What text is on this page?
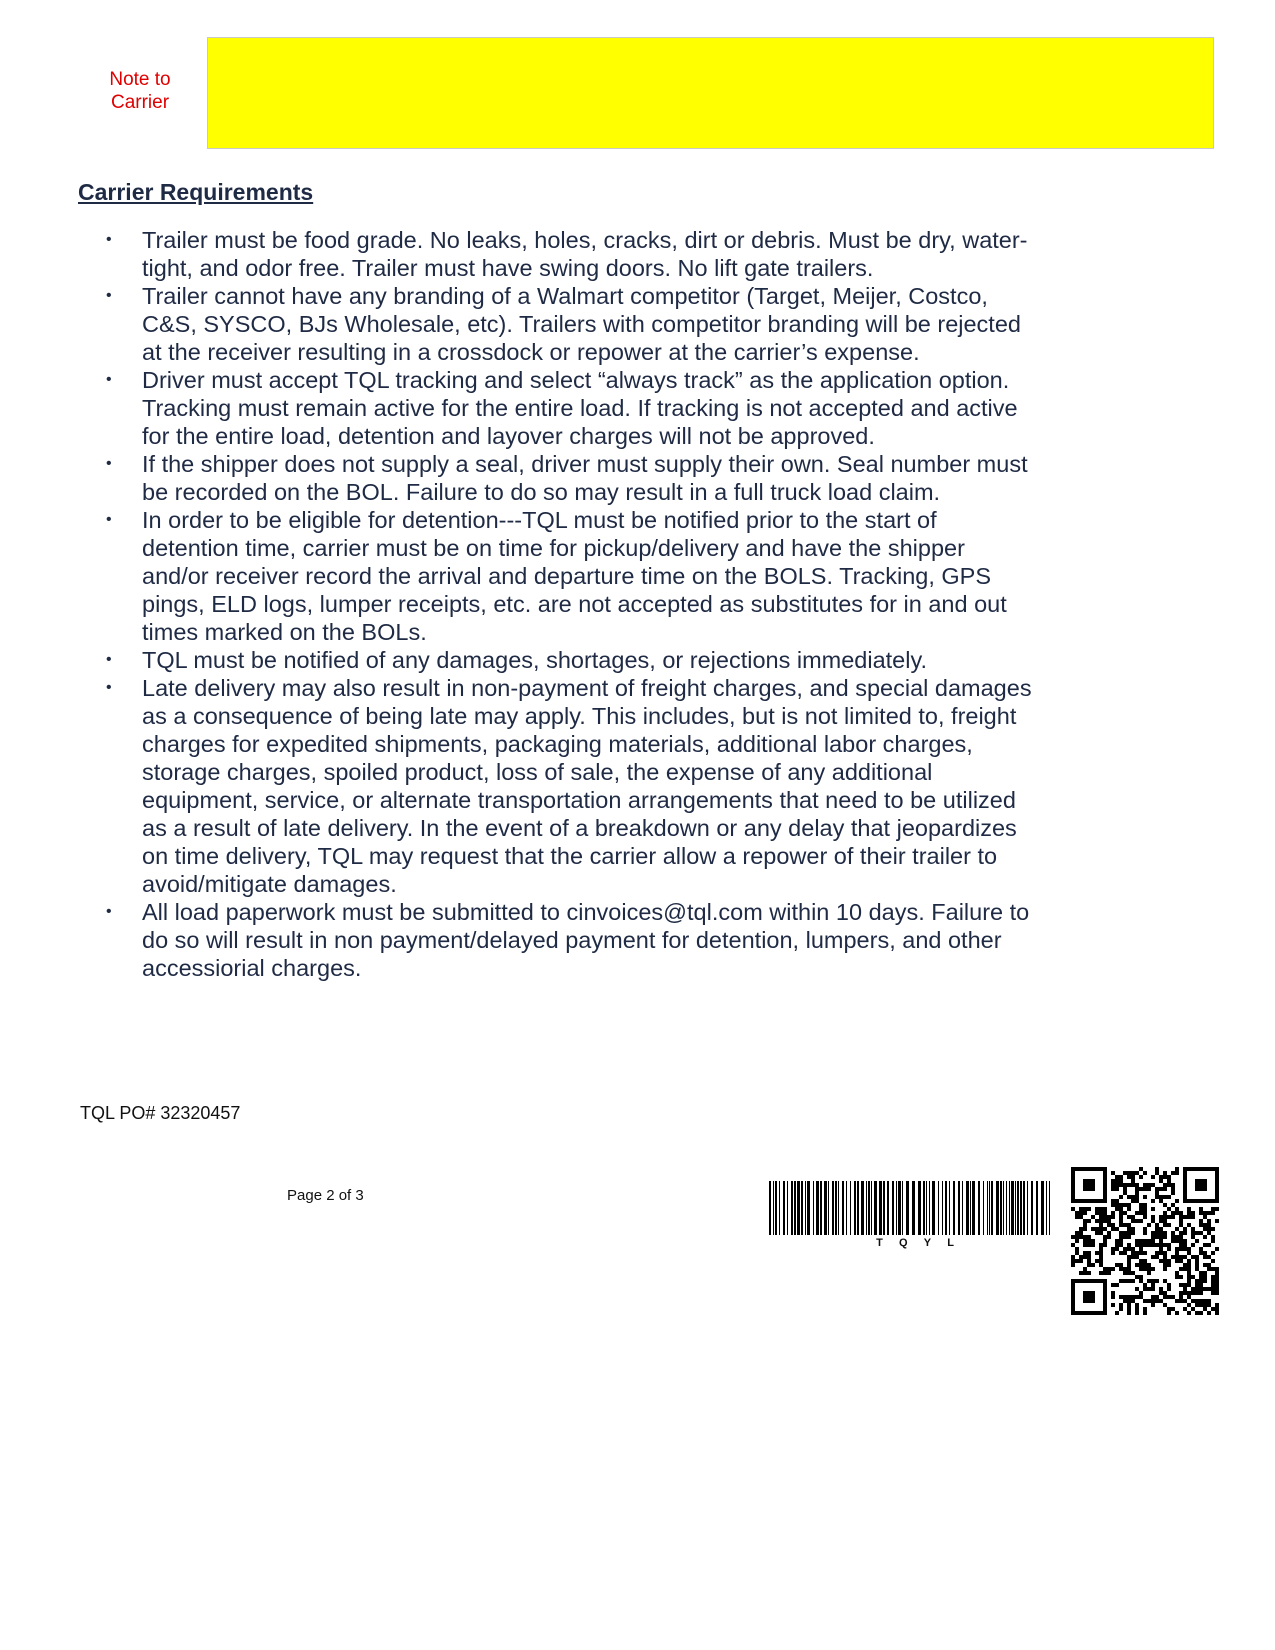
Note to
Carrier
Carrier Requirements
• Trailer must be food grade. No leaks, holes, cracks, dirt or debris. Must be dry, water-
tight, and odor free. Trailer must have swing doors. No lift gate trailers.
• Trailer cannot have any branding of a Walmart competitor (Target, Meijer, Costco,
C&S, SYSCO, BJs Wholesale, etc). Trailers with competitor branding will be rejected
at the receiver resulting in a crossdock or repower at the carrier’s expense.
• Driver must accept TQL tracking and select “always track” as the application option.
Tracking must remain active for the entire load. If tracking is not accepted and active
for the entire load, detention and layover charges will not be approved.
• If the shipper does not supply a seal, driver must supply their own. Seal number must
be recorded on the BOL. Failure to do so may result in a full truck load claim.
• In order to be eligible for detention---TQL must be notified prior to the start of
detention time, carrier must be on time for pickup/delivery and have the shipper
and/or receiver record the arrival and departure time on the BOLS. Tracking, GPS
pings, ELD logs, lumper receipts, etc. are not accepted as substitutes for in and out
times marked on the BOLs.
• TQL must be notified of any damages, shortages, or rejections immediately.
• Late delivery may also result in non-payment of freight charges, and special damages
as a consequence of being late may apply. This includes, but is not limited to, freight
charges for expedited shipments, packaging materials, additional labor charges,
storage charges, spoiled product, loss of sale, the expense of any additional
equipment, service, or alternate transportation arrangements that need to be utilized
as a result of late delivery. In the event of a breakdown or any delay that jeopardizes
on time delivery, TQL may request that the carrier allow a repower of their trailer to
avoid/mitigate damages.
• All load paperwork must be submitted to cinvoices@tql.com within 10 days. Failure to
do so will result in non payment/delayed payment for detention, lumpers, and other
accessiorial charges.
TQL PO# 32320457
Page 2 of 3
T Q Y L
